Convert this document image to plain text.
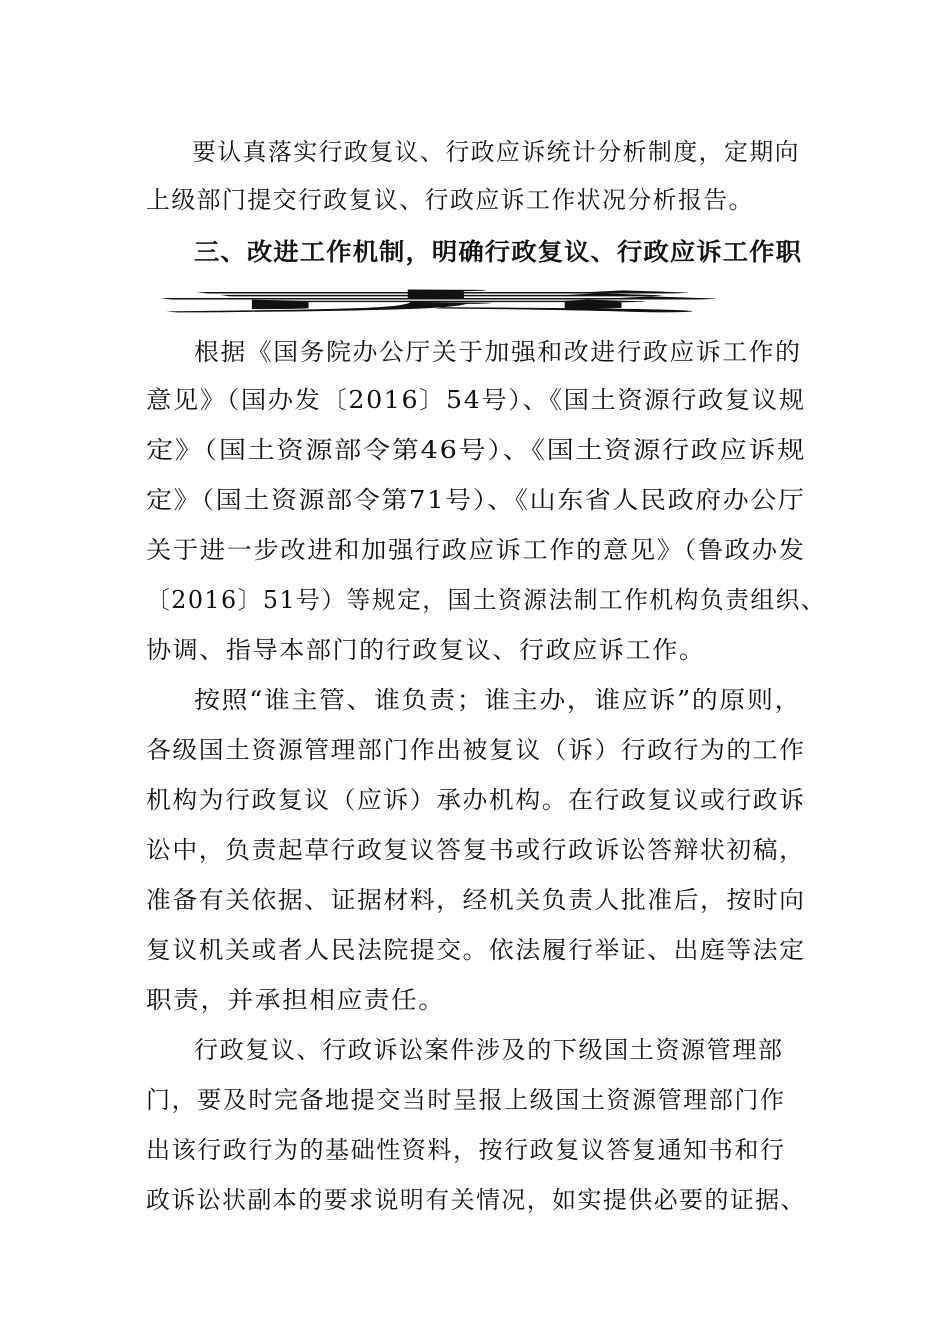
要认真落实行政复议、行政应诉统计分析制度，定期向
上级部门提交行政复议、行政应诉工作状况分析报告。
三、改进工作机制，明确行政复议、行政应诉工作职
责
根据《国务院办公厅关于加强和改进行政应诉工作的
意见》（国办发〔2016〕54号）、《国土资源行政复议规
定》（国土资源部令第46号）、《国土资源行政应诉规
定》（国土资源部令第71号）、《山东省人民政府办公厅
关于进一步改进和加强行政应诉工作的意见》（鲁政办发
〔2016〕51号）等规定，国土资源法制工作机构负责组织、
协调、指导本部门的行政复议、行政应诉工作。
按照“谁主管、谁负责；谁主办，谁应诉”的原则，
各级国土资源管理部门作出被复议（诉）行政行为的工作
机构为行政复议（应诉）承办机构。在行政复议或行政诉
讼中，负责起草行政复议答复书或行政诉讼答辩状初稿，
准备有关依据、证据材料，经机关负责人批准后，按时向
复议机关或者人民法院提交。依法履行举证、出庭等法定
职责，并承担相应责任。
行政复议、行政诉讼案件涉及的下级国土资源管理部
门，要及时完备地提交当时呈报上级国土资源管理部门作
出该行政行为的基础性资料，按行政复议答复通知书和行
政诉讼状副本的要求说明有关情况，如实提供必要的证据、
